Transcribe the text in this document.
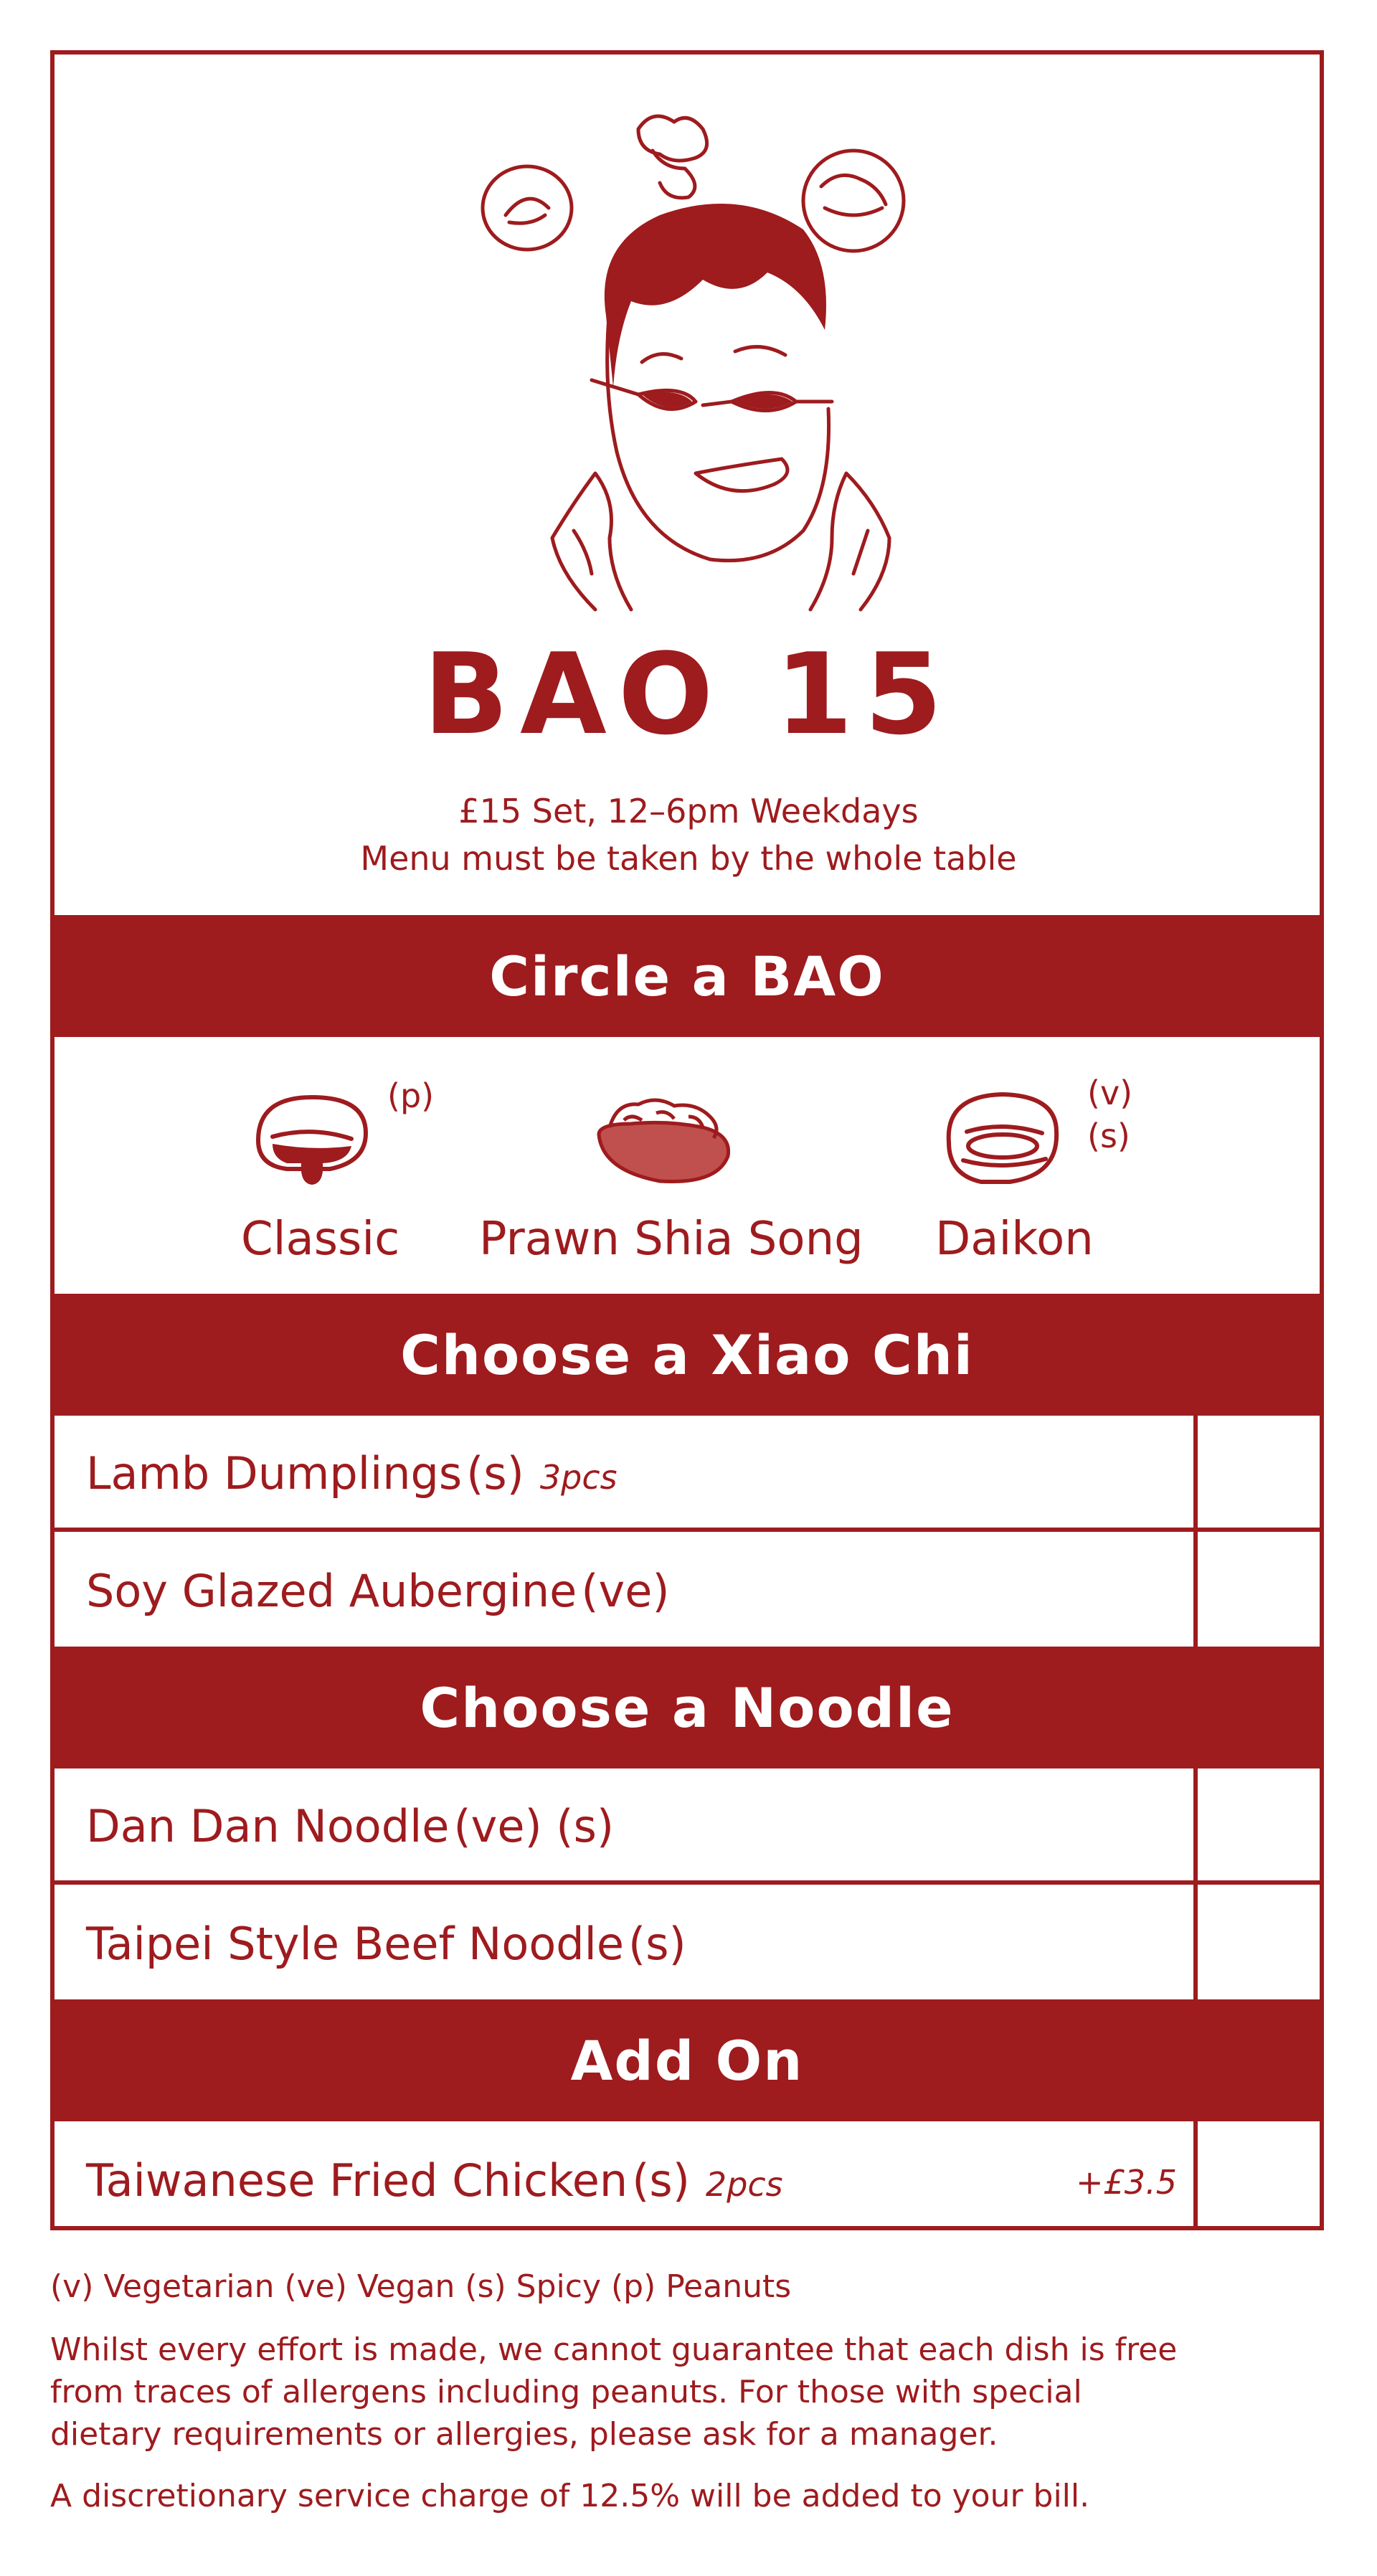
BAO 15
£15 Set, 12–6pm Weekdays
Menu must be taken by the whole table
Circle a BAO
(p)
Classic Prawn Shia Song
(v)
(s)
Daikon
Choose a Xiao Chi
Lamb Dumplings(s) 3pcs
Soy Glazed Aubergine(ve)
Choose a Noodle
Dan Dan Noodle(ve) (s)
Taipei Style Beef Noodle(s)
Add On
Taiwanese Fried Chicken(s) 2pcs	+£3.5
(v) Vegetarian (ve) Vegan (s) Spicy (p) Peanuts
Whilst every effort is made, we cannot guarantee that each dish is free
from traces of allergens including peanuts. For those with special
dietary requirements or allergies, please ask for a manager.
A discretionary service charge of 12.5% will be added to your bill.
